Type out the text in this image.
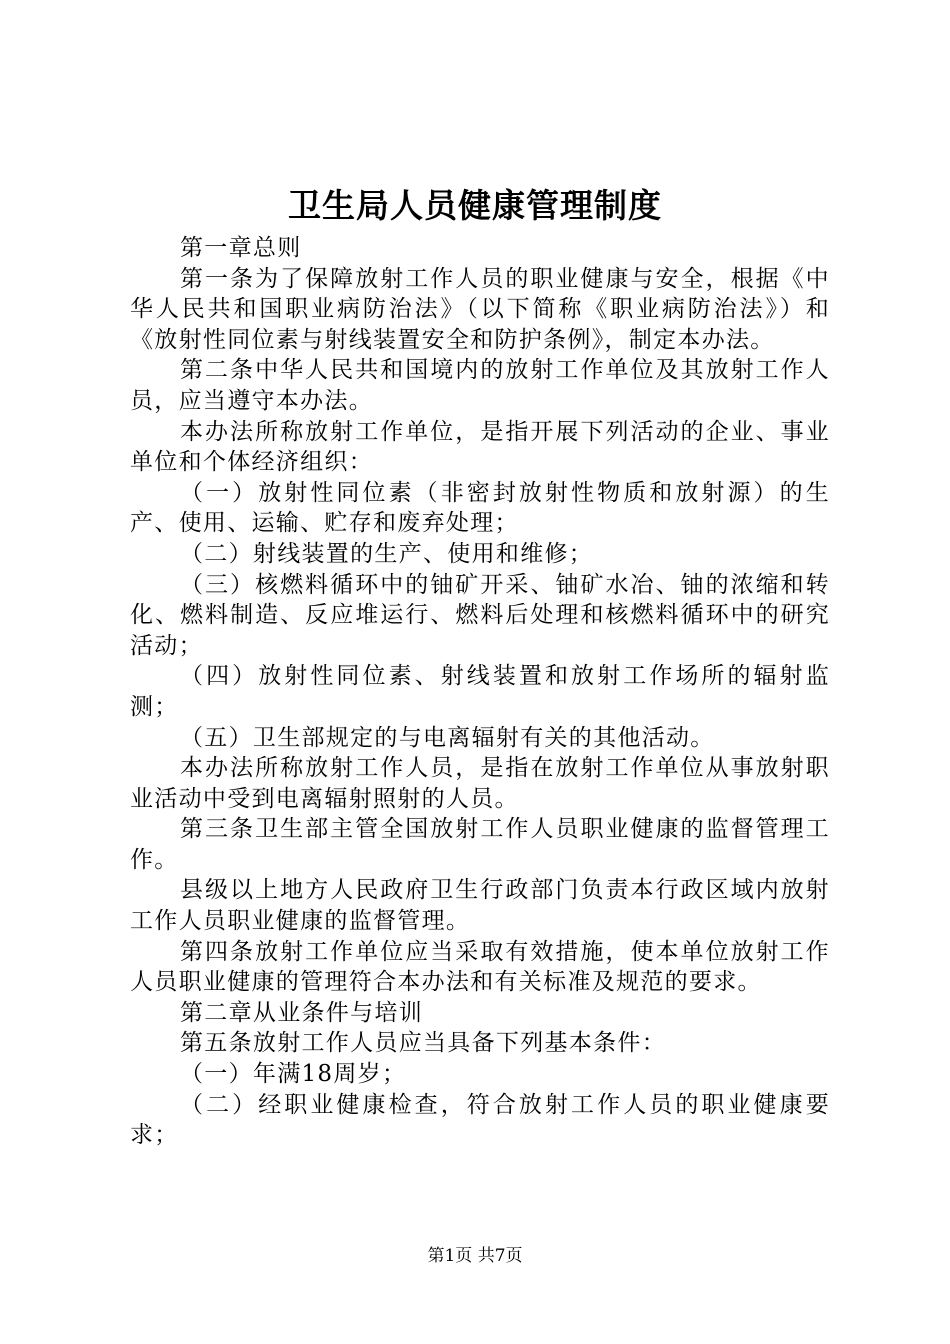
卫生局人员健康管理制度

第一章总则

第一条为了保障放射工作人员的职业健康与安全，根据《中华人民共和国职业病防治法》（以下简称《职业病防治法》）和《放射性同位素与射线装置安全和防护条例》，制定本办法。

第二条中华人民共和国境内的放射工作单位及其放射工作人员，应当遵守本办法。

本办法所称放射工作单位，是指开展下列活动的企业、事业单位和个体经济组织：

（一）放射性同位素（非密封放射性物质和放射源）的生产、使用、运输、贮存和废弃处理；

（二）射线装置的生产、使用和维修；

（三）核燃料循环中的铀矿开采、铀矿水冶、铀的浓缩和转化、燃料制造、反应堆运行、燃料后处理和核燃料循环中的研究活动；

（四）放射性同位素、射线装置和放射工作场所的辐射监测；

（五）卫生部规定的与电离辐射有关的其他活动。

本办法所称放射工作人员，是指在放射工作单位从事放射职业活动中受到电离辐射照射的人员。

第三条卫生部主管全国放射工作人员职业健康的监督管理工作。

县级以上地方人民政府卫生行政部门负责本行政区域内放射工作人员职业健康的监督管理。

第四条放射工作单位应当采取有效措施，使本单位放射工作人员职业健康的管理符合本办法和有关标准及规范的要求。

第二章从业条件与培训

第五条放射工作人员应当具备下列基本条件：

（一）年满18周岁；

（二）经职业健康检查，符合放射工作人员的职业健康要求；

第1页 共7页
